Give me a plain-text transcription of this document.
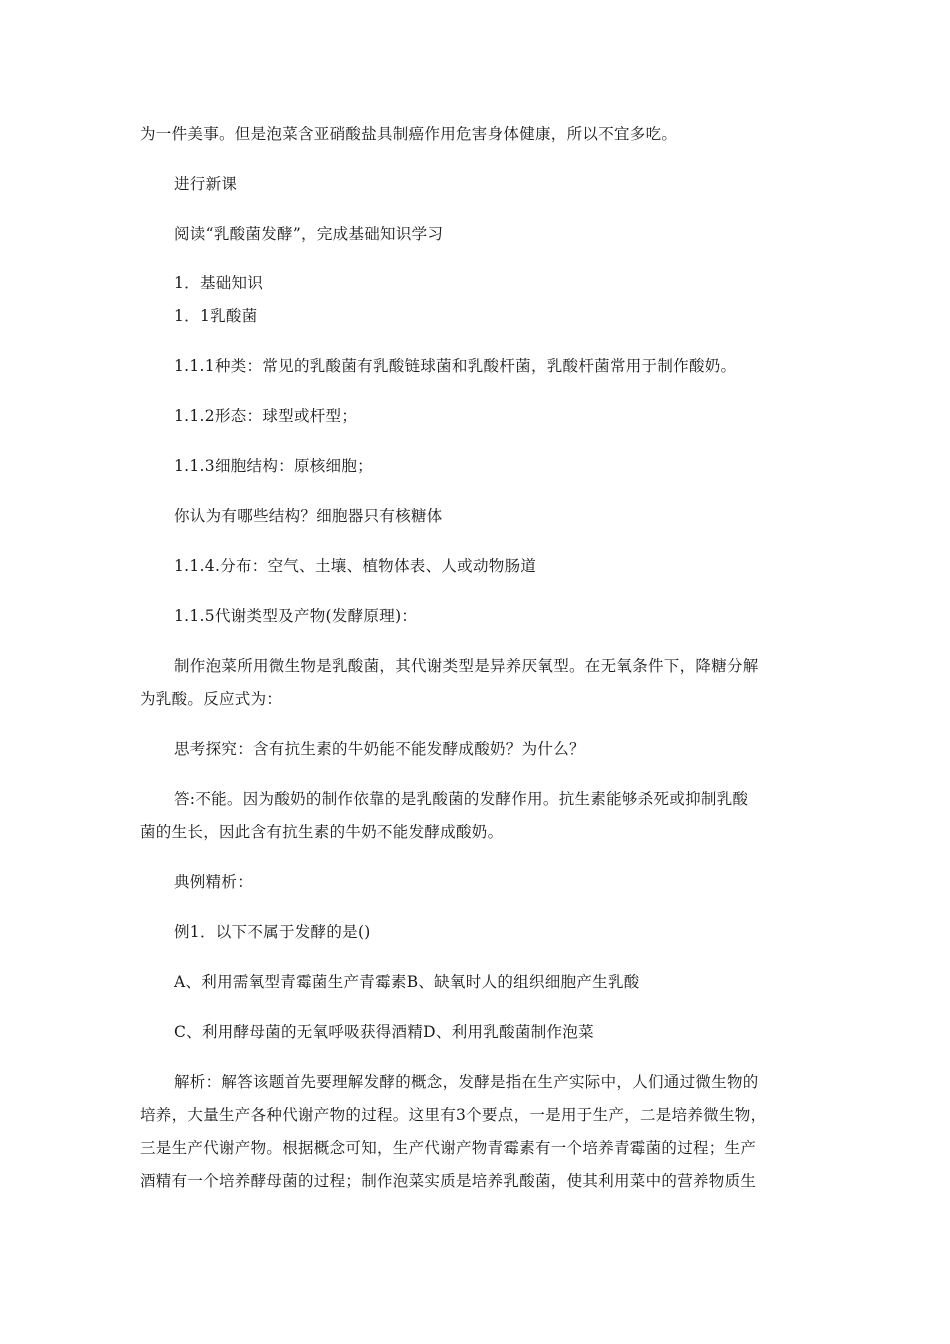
为一件美事。但是泡菜含亚硝酸盐具制癌作用危害身体健康，所以不宜多吃。
进行新课
阅读“乳酸菌发酵”，完成基础知识学习
1．基础知识
1．1乳酸菌
1.1.1种类：常见的乳酸菌有乳酸链球菌和乳酸杆菌，乳酸杆菌常用于制作酸奶。
1.1.2形态：球型或杆型；
1.1.3细胞结构：原核细胞；
你认为有哪些结构？细胞器只有核糖体
1.1.4.分布：空气、土壤、植物体表、人或动物肠道
1.1.5代谢类型及产物(发酵原理)：
制作泡菜所用微生物是乳酸菌，其代谢类型是异养厌氧型。在无氧条件下，降糖分解
为乳酸。反应式为：
思考探究：含有抗生素的牛奶能不能发酵成酸奶？为什么？
答:不能。因为酸奶的制作依靠的是乳酸菌的发酵作用。抗生素能够杀死或抑制乳酸
菌的生长，因此含有抗生素的牛奶不能发酵成酸奶。
典例精析：
例1．以下不属于发酵的是()
A、利用需氧型青霉菌生产青霉素B、缺氧时人的组织细胞产生乳酸
C、利用酵母菌的无氧呼吸获得酒精D、利用乳酸菌制作泡菜
解析：解答该题首先要理解发酵的概念，发酵是指在生产实际中，人们通过微生物的
培养，大量生产各种代谢产物的过程。这里有3个要点，一是用于生产，二是培养微生物，
三是生产代谢产物。根据概念可知，生产代谢产物青霉素有一个培养青霉菌的过程；生产
酒精有一个培养酵母菌的过程；制作泡菜实质是培养乳酸菌，使其利用菜中的营养物质生
